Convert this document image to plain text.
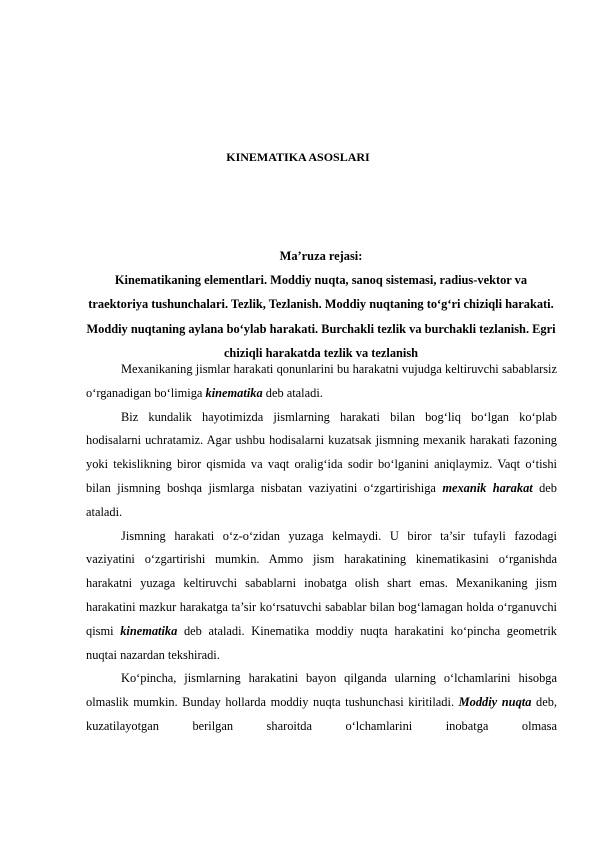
KINEMATIKA ASOSLARI

Ma’ruza rejasi:

Kinematikaning elementlari. Moddiy nuqta, sanoq sistemasi, radius-vektor va traektoriya tushunchalari. Tezlik, Tezlanish. Moddiy nuqtaning to‘g‘ri chiziqli harakati. Moddiy nuqtaning aylana bo‘ylab harakati. Burchakli tezlik va burchakli tezlanish. Egri chiziqli harakatda tezlik va tezlanish

Mexanikaning jismlar harakati qonunlarini bu harakatni vujudga keltiruvchi sabablarsiz o‘rganadigan bo‘limiga kinematika deb ataladi.

Biz kundalik hayotimizda jismlarning harakati bilan bog‘liq bo‘lgan ko‘plab hodisalarni uchratamiz. Agar ushbu hodisalarni kuzatsak jismning mexanik harakati fazoning yoki tekislikning biror qismida va vaqt oralig‘ida sodir bo‘lganini aniqlaymiz. Vaqt o‘tishi bilan jismning boshqa jismlarga nisbatan vaziyatini o‘zgartirishiga mexanik harakat deb ataladi.

Jismning harakati o‘z-o‘zidan yuzaga kelmaydi. U biror ta’sir tufayli fazodagi vaziyatini o‘zgartirishi mumkin. Ammo jism harakatining kinematikasini o‘rganishda harakatni yuzaga keltiruvchi sabablarni inobatga olish shart emas. Mexanikaning jism harakatini mazkur harakatga ta’sir ko‘rsatuvchi sabablar bilan bog‘lamagan holda o‘rganuvchi qismi kinematika deb ataladi. Kinematika moddiy nuqta harakatini ko‘pincha geometrik nuqtai nazardan tekshiradi.

Ko‘pincha, jismlarning harakatini bayon qilganda ularning o‘lchamlarini hisobga olmaslik mumkin. Bunday hollarda moddiy nuqta tushunchasi kiritiladi. Moddiy nuqta deb, kuzatilayotgan berilgan sharoitda o‘lchamlarini inobatga olmasa
